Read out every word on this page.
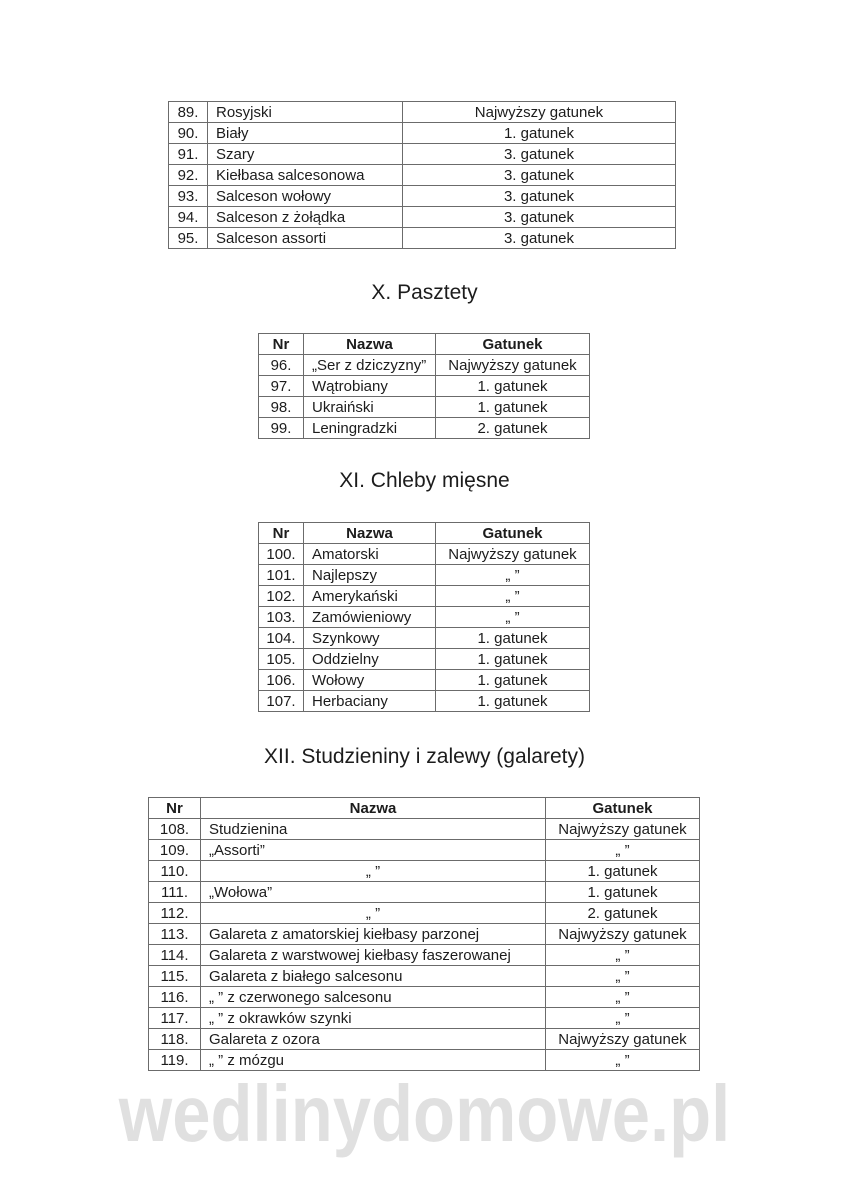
89.	Rosyjski	Najwyższy gatunek
90.	Biały	1. gatunek
91.	Szary	3. gatunek
92.	Kiełbasa salcesonowa	3. gatunek
93.	Salceson wołowy	3. gatunek
94.	Salceson z żołądka	3. gatunek
95.	Salceson assorti	3. gatunek
X. Pasztety
Nr	Nazwa	Gatunek
96.	„Ser z dziczyzny”	Najwyższy gatunek
97.	Wątrobiany	1. gatunek
98.	Ukraiński	1. gatunek
99.	Leningradzki	2. gatunek
XI. Chleby mięsne
Nr	Nazwa	Gatunek
100.	Amatorski	Najwyższy gatunek
101.	Najlepszy	„ ”
102.	Amerykański	„ ”
103.	Zamówieniowy	„ ”
104.	Szynkowy	1. gatunek
105.	Oddzielny	1. gatunek
106.	Wołowy	1. gatunek
107.	Herbaciany	1. gatunek
XII. Studzieniny i zalewy (galarety)
Nr	Nazwa	Gatunek
108.	Studzienina	Najwyższy gatunek
109.	„Assorti”	„ ”
110.	„ ”	1. gatunek
111.	„Wołowa”	1. gatunek
112.	„ ”	2. gatunek
113.	Galareta z amatorskiej kiełbasy parzonej	Najwyższy gatunek
114.	Galareta z warstwowej kiełbasy faszerowanej	„ ”
115.	Galareta z białego salcesonu	„ ”
116.	„ ” z czerwonego salcesonu	„ ”
117.	„ ” z okrawków szynki	„ ”
118.	Galareta z ozora	Najwyższy gatunek
119.	„ ” z mózgu	„ ”
wedlinydomowe.pl
